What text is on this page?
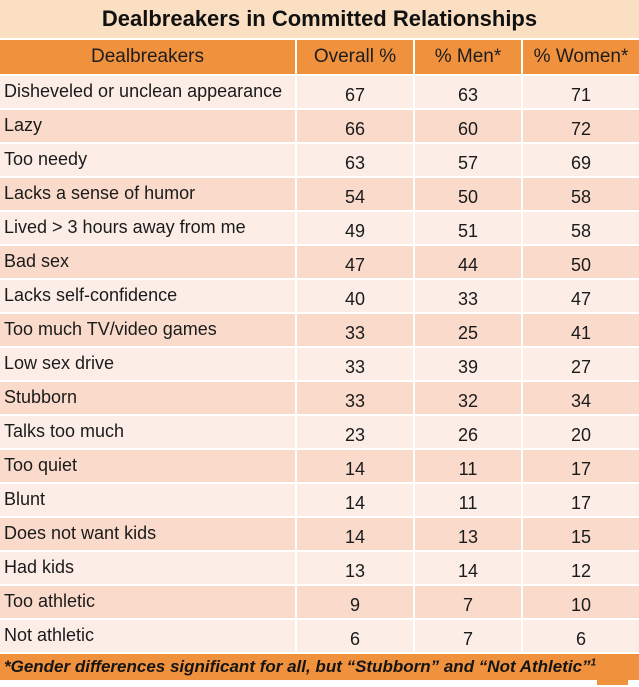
Dealbreakers in Committed Relationships
Dealbreakers	Overall %	% Men*	% Women*
Disheveled or unclean appearance	67	63	71
Lazy	66	60	72
Too needy	63	57	69
Lacks a sense of humor	54	50	58
Lived > 3 hours away from me	49	51	58
Bad sex	47	44	50
Lacks self-confidence	40	33	47
Too much TV/video games	33	25	41
Low sex drive	33	39	27
Stubborn	33	32	34
Talks too much	23	26	20
Too quiet	14	11	17
Blunt	14	11	17
Does not want kids	14	13	15
Had kids	13	14	12
Too athletic	9	7	10
Not athletic	6	7	6
*Gender differences significant for all, but “Stubborn” and “Not Athletic”$^1$
